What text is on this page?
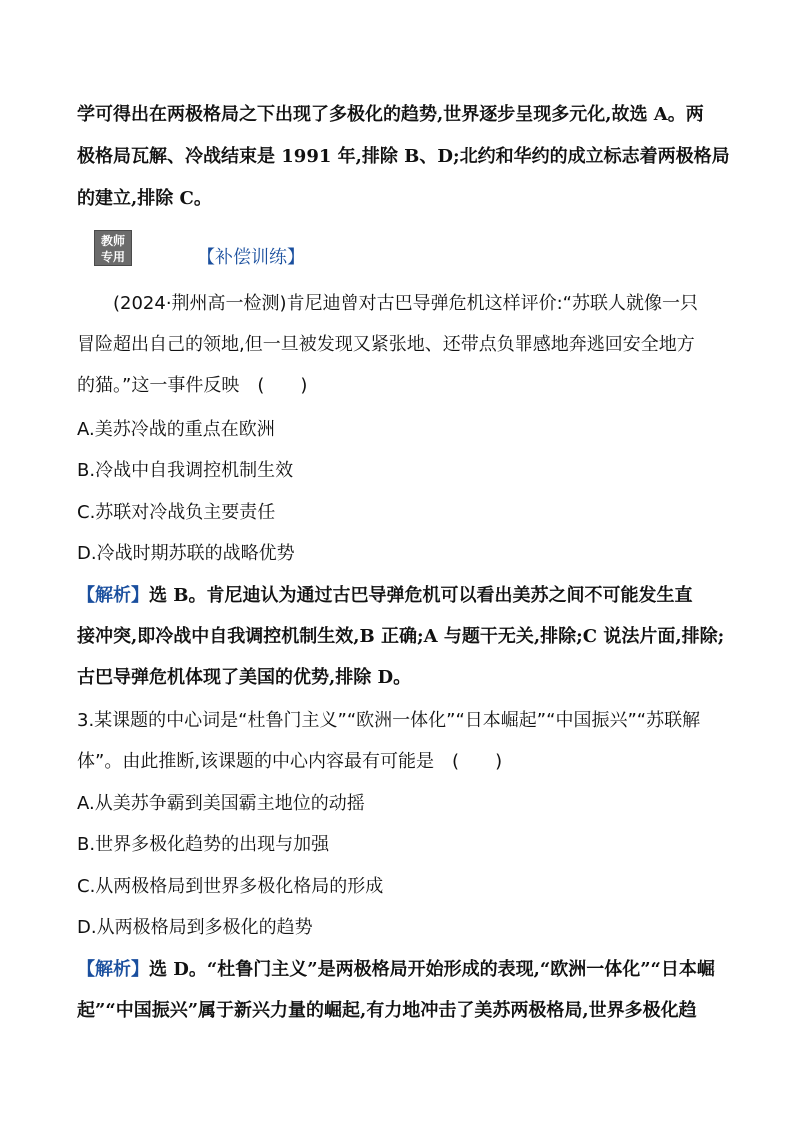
学可得出在两极格局之下出现了多极化的趋势,世界逐步呈现多元化,故选 A。两
极格局瓦解、冷战结束是 1991 年,排除 B、D;北约和华约的成立标志着两极格局
的建立,排除 C。
教师
专用	【补偿训练】
(2024·荆州高一检测)肯尼迪曾对古巴导弹危机这样评价:“苏联人就像一只
冒险超出自己的领地,但一旦被发现又紧张地、还带点负罪感地奔逃回安全地方
的猫。”这一事件反映　(　　)
A.美苏冷战的重点在欧洲
B.冷战中自我调控机制生效
C.苏联对冷战负主要责任
D.冷战时期苏联的战略优势
【解析】选 B。肯尼迪认为通过古巴导弹危机可以看出美苏之间不可能发生直
接冲突,即冷战中自我调控机制生效,B 正确;A 与题干无关,排除;C 说法片面,排除;
古巴导弹危机体现了美国的优势,排除 D。
3.某课题的中心词是“杜鲁门主义”“欧洲一体化”“日本崛起”“中国振兴”“苏联解
体”。由此推断,该课题的中心内容最有可能是　(　　)
A.从美苏争霸到美国霸主地位的动摇
B.世界多极化趋势的出现与加强
C.从两极格局到世界多极化格局的形成
D.从两极格局到多极化的趋势
【解析】选 D。“杜鲁门主义”是两极格局开始形成的表现,“欧洲一体化”“日本崛
起”“中国振兴”属于新兴力量的崛起,有力地冲击了美苏两极格局,世界多极化趋
